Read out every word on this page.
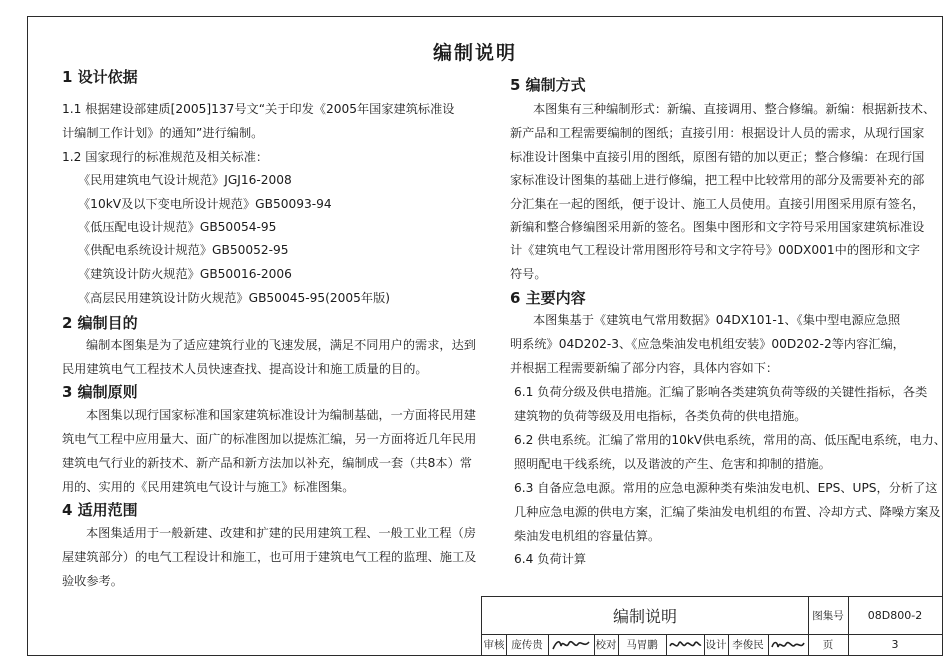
编制说明
1 设计依据
1.1 根据建设部建质[2005]137号文“关于印发《2005年国家建筑标准设
计编制工作计划》的通知”进行编制。
1.2 国家现行的标准规范及相关标准：
《民用建筑电气设计规范》JGJ16-2008
《10kV及以下变电所设计规范》GB50093-94
《低压配电设计规范》GB50054-95
《供配电系统设计规范》GB50052-95
《建筑设计防火规范》GB50016-2006
《高层民用建筑设计防火规范》GB50045-95(2005年版)
2 编制目的
编制本图集是为了适应建筑行业的飞速发展，满足不同用户的需求，达到
民用建筑电气工程技术人员快速查找、提高设计和施工质量的目的。
3 编制原则
本图集以现行国家标准和国家建筑标准设计为编制基础，一方面将民用建
筑电气工程中应用量大、面广的标准图加以提炼汇编，另一方面将近几年民用
建筑电气行业的新技术、新产品和新方法加以补充，编制成一套（共8本）常
用的、实用的《民用建筑电气设计与施工》标准图集。
4 适用范围
本图集适用于一般新建、改建和扩建的民用建筑工程、一般工业工程（房
屋建筑部分）的电气工程设计和施工，也可用于建筑电气工程的监理、施工及
验收参考。
5 编制方式
本图集有三种编制形式：新编、直接调用、整合修编。新编：根据新技术、
新产品和工程需要编制的图纸；直接引用：根据设计人员的需求，从现行国家
标准设计图集中直接引用的图纸，原图有错的加以更正；整合修编：在现行国
家标准设计图集的基础上进行修编，把工程中比较常用的部分及需要补充的部
分汇集在一起的图纸，便于设计、施工人员使用。直接引用图采用原有签名，
新编和整合修编图采用新的签名。图集中图形和文字符号采用国家建筑标准设
计《建筑电气工程设计常用图形符号和文字符号》00DX001中的图形和文字
符号。
6 主要内容
本图集基于《建筑电气常用数据》04DX101-1、《集中型电源应急照
明系统》04D202-3、《应急柴油发电机组安装》00D202-2等内容汇编，
并根据工程需要新编了部分内容，具体内容如下：
6.1 负荷分级及供电措施。汇编了影响各类建筑负荷等级的关键性指标，各类
建筑物的负荷等级及用电指标，各类负荷的供电措施。
6.2 供电系统。汇编了常用的10kV供电系统，常用的高、低压配电系统，电力、
照明配电干线系统，以及谐波的产生、危害和抑制的措施。
6.3 自备应急电源。常用的应急电源种类有柴油发电机、EPS、UPS，分析了这
几种应急电源的供电方案，汇编了柴油发电机组的布置、冷却方式、降噪方案及
柴油发电机组的容量估算。
6.4 负荷计算
编制说明	图集号	08D800-2
审核 庞传贵	校对 马胃鹏	设计 李俊民	页	3
